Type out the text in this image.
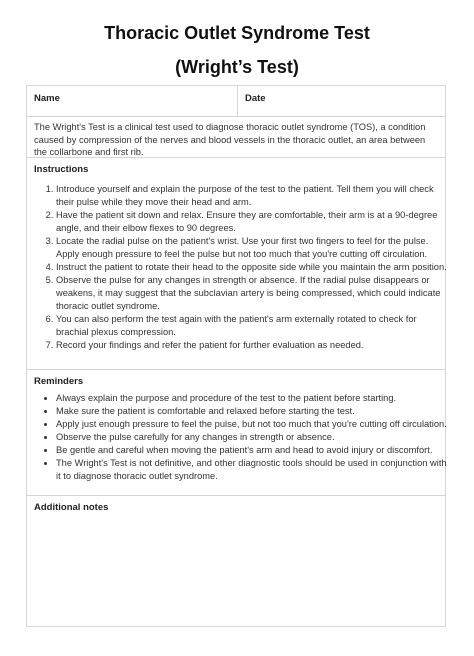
Thoracic Outlet Syndrome Test
(Wright’s Test)
Name	Date
The Wright's Test is a clinical test used to diagnose thoracic outlet syndrome (TOS), a condition caused by compression of the nerves and blood vessels in the thoracic outlet, an area between the collarbone and first rib.
Instructions
1. Introduce yourself and explain the purpose of the test to the patient. Tell them you will check their pulse while they move their head and arm.
2. Have the patient sit down and relax. Ensure they are comfortable, their arm is at a 90-degree angle, and their elbow flexes to 90 degrees.
3. Locate the radial pulse on the patient's wrist. Use your first two fingers to feel for the pulse. Apply enough pressure to feel the pulse but not too much that you're cutting off circulation.
4. Instruct the patient to rotate their head to the opposite side while you maintain the arm position.
5. Observe the pulse for any changes in strength or absence. If the radial pulse disappears or weakens, it may suggest that the subclavian artery is being compressed, which could indicate thoracic outlet syndrome.
6. You can also perform the test again with the patient's arm externally rotated to check for brachial plexus compression.
7. Record your findings and refer the patient for further evaluation as needed.
Reminders
• Always explain the purpose and procedure of the test to the patient before starting.
• Make sure the patient is comfortable and relaxed before starting the test.
• Apply just enough pressure to feel the pulse, but not too much that you're cutting off circulation.
• Observe the pulse carefully for any changes in strength or absence.
• Be gentle and careful when moving the patient's arm and head to avoid injury or discomfort.
• The Wright's Test is not definitive, and other diagnostic tools should be used in conjunction with it to diagnose thoracic outlet syndrome.
Additional notes
